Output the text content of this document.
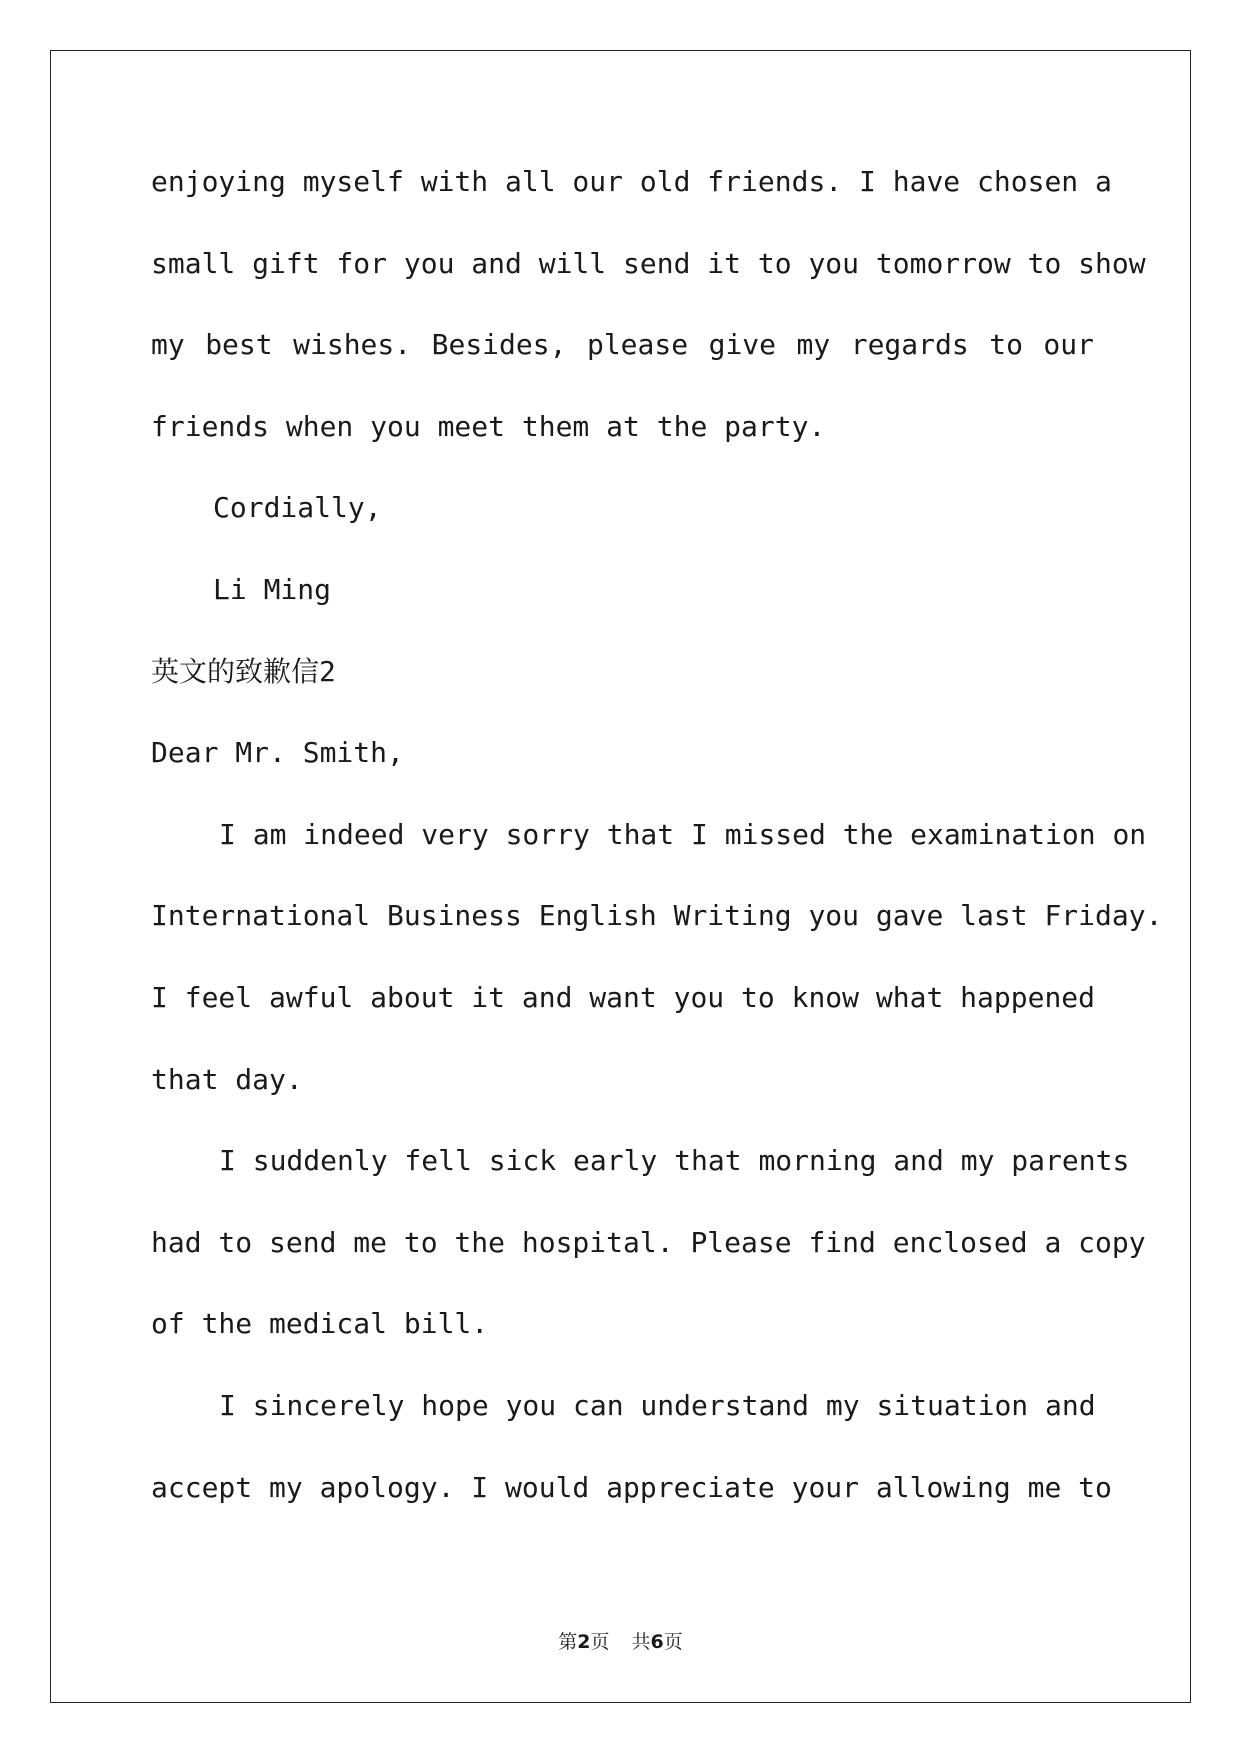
enjoying myself with all our old friends. I have chosen a
small gift for you and will send it to you tomorrow to show
my best wishes. Besides, please give my regards to our
friends when you meet them at the party.
Cordially,
Li Ming
英文的致歉信2
Dear Mr. Smith,
I am indeed very sorry that I missed the examination on
International Business English Writing you gave last Friday.
I feel awful about it and want you to know what happened
that day.
I suddenly fell sick early that morning and my parents
had to send me to the hospital. Please find enclosed a copy
of the medical bill.
I sincerely hope you can understand my situation and
accept my apology. I would appreciate your allowing me to
第2页 共6页
